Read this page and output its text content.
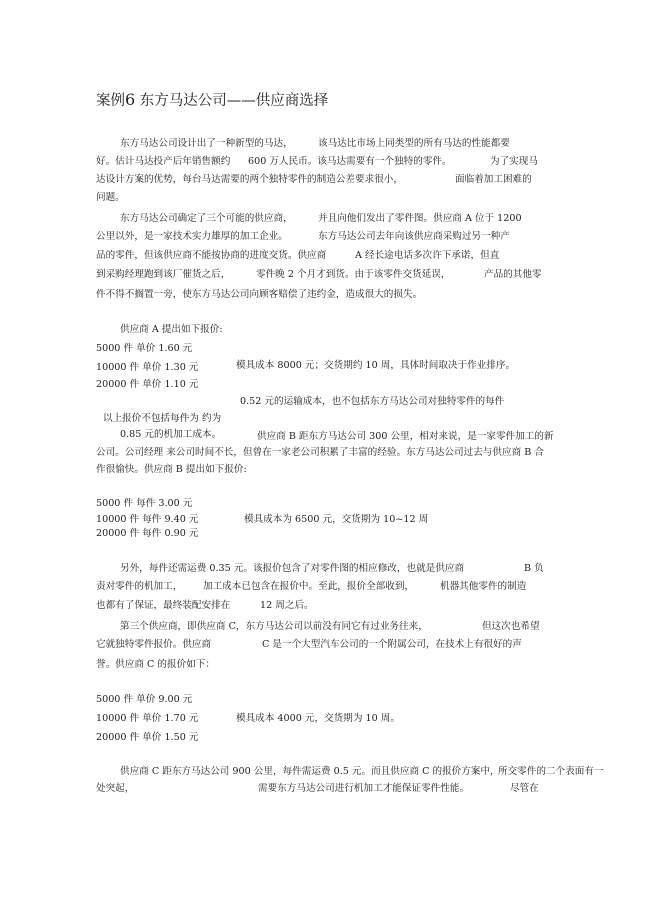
案例6 东方马达公司——供应商选择
东方马达公司设计出了一种新型的马达，	该马达比市场上同类型的所有马达的性能都要
好。估计马达投产后年销售额约 600 万人民币。该马达需要有一个独特的零件。	为了实现马
达设计方案的优势，每台马达需要的两个独特零件的制造公差要求很小，	面临着加工困难的
问题。
东方马达公司确定了三个可能的供应商，	并且向他们发出了零件图。供应商 A 位于 1200
公里以外，是一家技术实力雄厚的加工企业。	东方马达公司去年向该供应商采购过另一种产
品的零件，但该供应商不能按协商的进度交货。供应商	A 经长途电话多次许下承诺，但直
到采购经理跑到该厂催货之后，	零件晚 2 个月才到货。由于该零件交货延误，	产品的其他零
件不得不搁置一旁，使东方马达公司向顾客赔偿了违约金，造成很大的损失。
供应商 A 提出如下报价:
5000 件 单价 1.60 元
10000 件 单价 1.30 元	模具成本 8000 元；交货期约 10 周，具体时间取决于作业排序。
20000 件 单价 1.10 元
0.52 元的运输成本，也不包括东方马达公司对独特零件的每件
以上报价不包括每件为 约为
0.85 元的机加工成本。	供应商 B 距东方马达公司 300 公里，相对来说，是一家零件加工的新
公司。公司经理 来公司时间不长，但曾在一家老公司积累了丰富的经验。东方马达公司过去与供应商 B 合
作很愉快。供应商 B 提出如下报价:
5000 件 每件 3.00 元
10000 件 每件 9.40 元	模具成本为 6500 元，交货期为 10~12 周
20000 件 每件 0.90 元
另外，每件还需运费 0.35 元。该报价包含了对零件图的相应修改，也就是供应商	B 负
责对零件的机加工， 加工成本已包含在报价中。至此，报价全部收到，	机器其他零件的制造
也都有了保证，最终装配安排在	12 周之后。
第三个供应商，即供应商 C，东方马达公司以前没有同它有过业务往来，	但这次也希望
它就独特零件报价。供应商	C 是一个大型汽车公司的一个附属公司，在技术上有很好的声
誉。供应商 C 的报价如下：
5000 件 单价 9.00 元
10000 件 单价 1.70 元	模具成本 4000 元，交货期为 10 周。
20000 件 单价 1.50 元
供应商 C 距东方马达公司 900 公里，每件需运费 0.5 元。而且供应商 C 的报价方案中，
所交零件的二个表面有一
处突起，	需要东方马达公司进行机加工才能保证零件性能。	尽管在
